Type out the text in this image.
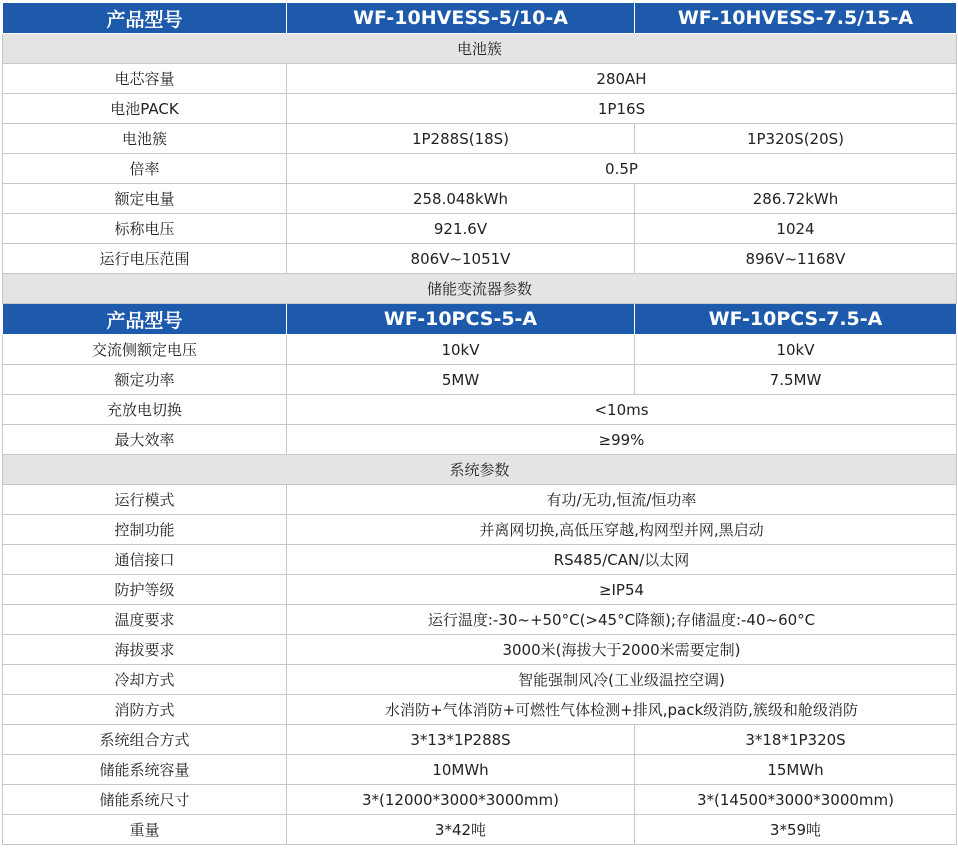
产品型号	WF-10HVESS-5/10-A	WF-10HVESS-7.5/15-A
电池簇		
电芯容量	280AH	
电池PACK	1P16S	
电池簇	1P288S(18S)	1P320S(20S)
倍率	0.5P	
额定电量	258.048kWh	286.72kWh
标称电压	921.6V	1024
运行电压范围	806V~1051V	896V~1168V
储能变流器参数		
产品型号	WF-10PCS-5-A	WF-10PCS-7.5-A
交流侧额定电压	10kV	10kV
额定功率	5MW	7.5MW
充放电切换	<10ms	
最大效率	≥99%	
系统参数		
运行模式	有功/无功,恒流/恒功率	
控制功能	并离网切换,高低压穿越,构网型并网,黑启动	
通信接口	RS485/CAN/以太网	
防护等级	≥IP54	
温度要求	运行温度:-30~+50°C(>45°C降额);存储温度:-40~60°C	
海拔要求	3000米(海拔大于2000米需要定制)	
冷却方式	智能强制风冷(工业级温控空调)	
消防方式	水消防+气体消防+可燃性气体检测+排风,pack级消防,簇级和舱级消防	
系统组合方式	3*13*1P288S	3*18*1P320S
储能系统容量	10MWh	15MWh
储能系统尺寸	3*(12000*3000*3000mm)	3*(14500*3000*3000mm)
重量	3*42吨	3*59吨
